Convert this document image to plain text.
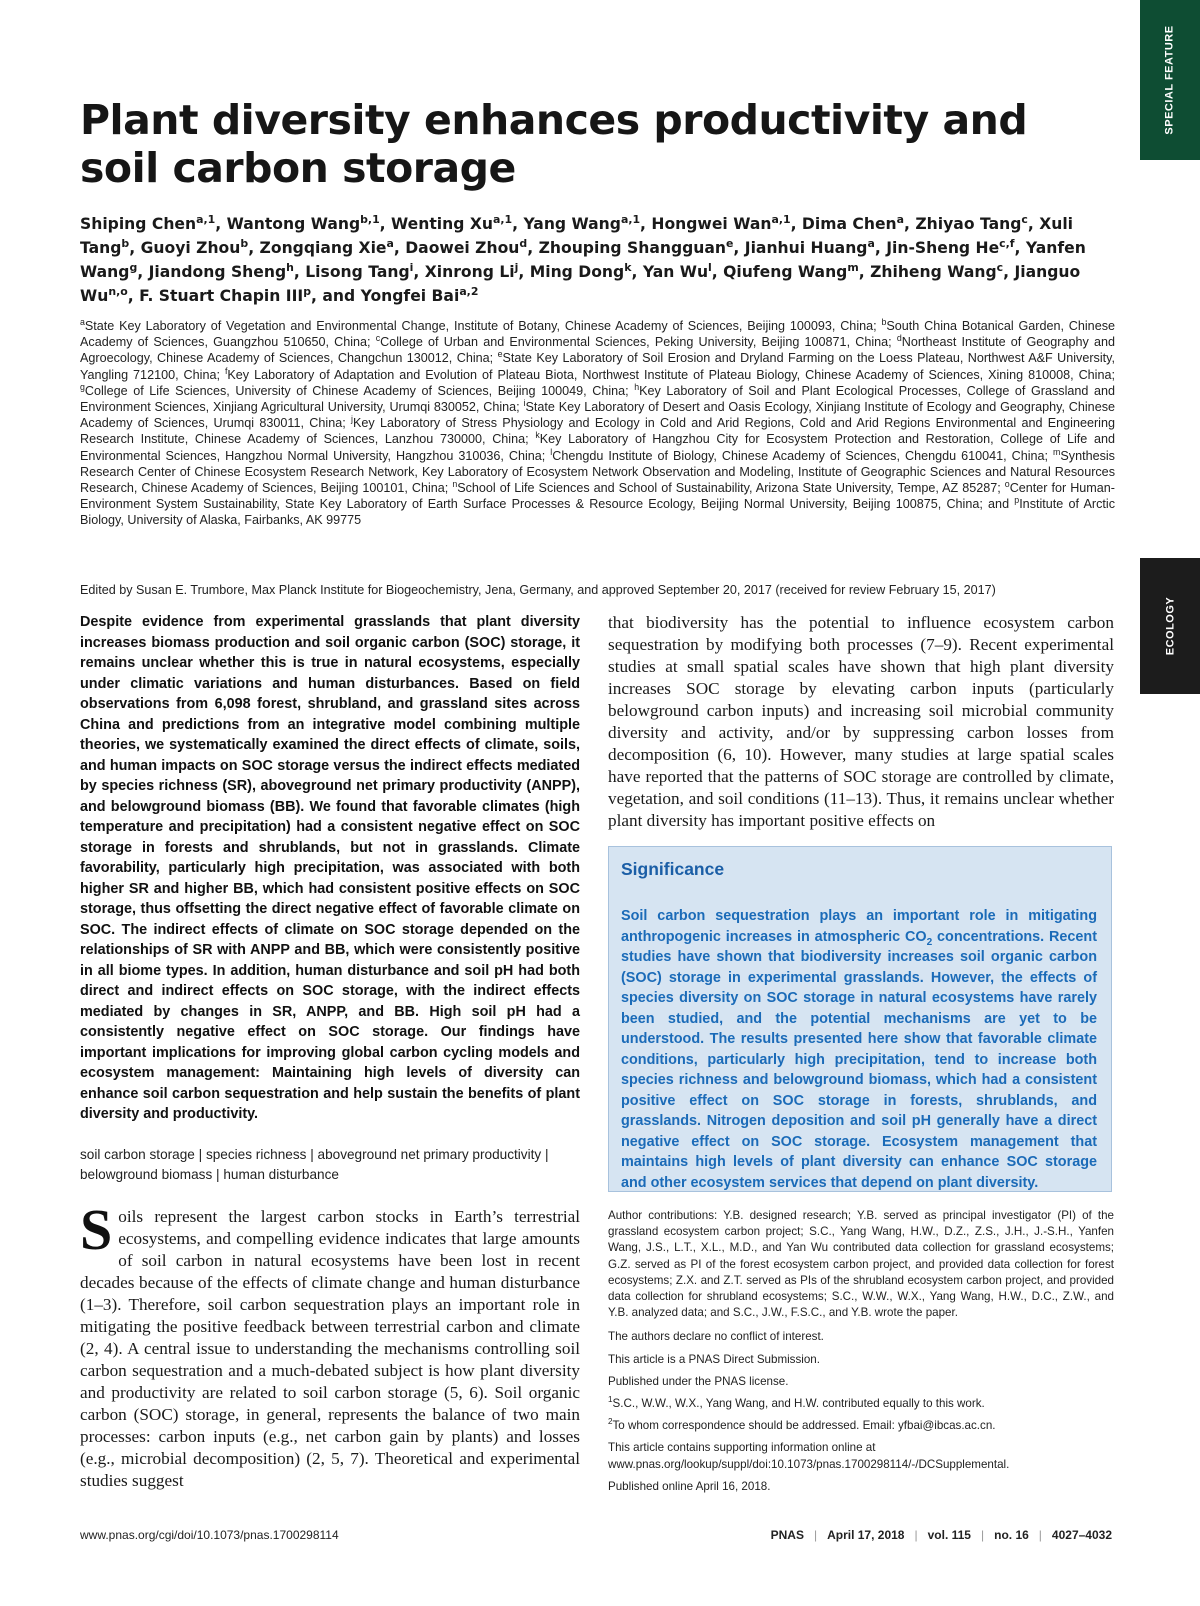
SPECIAL FEATURE
ECOLOGY
Plant diversity enhances productivity and soil carbon storage
Shiping Chen$^{a,1}$, Wantong Wang$^{b,1}$, Wenting Xu$^{a,1}$, Yang Wang$^{a,1}$, Hongwei Wan$^{a,1}$, Dima Chen$^a$, Zhiyao Tang$^c$, Xuli Tang$^b$, Guoyi Zhou$^b$, Zongqiang Xie$^a$, Daowei Zhou$^d$, Zhouping Shangguan$^e$, Jianhui Huang$^a$, Jin-Sheng He$^{c,f}$, Yanfen Wang$^g$, Jiandong Sheng$^h$, Lisong Tang$^i$, Xinrong Li$^j$, Ming Dong$^k$, Yan Wu$^l$, Qiufeng Wang$^m$, Zhiheng Wang$^c$, Jianguo Wu$^{n,o}$, F. Stuart Chapin III$^p$, and Yongfei Bai$^{a,2}$
$^a$State Key Laboratory of Vegetation and Environmental Change, Institute of Botany, Chinese Academy of Sciences, Beijing 100093, China; $^b$South China Botanical Garden, Chinese Academy of Sciences, Guangzhou 510650, China; $^c$College of Urban and Environmental Sciences, Peking University, Beijing 100871, China; $^d$Northeast Institute of Geography and Agroecology, Chinese Academy of Sciences, Changchun 130012, China; $^e$State Key Laboratory of Soil Erosion and Dryland Farming on the Loess Plateau, Northwest A&F University, Yangling 712100, China; $^f$Key Laboratory of Adaptation and Evolution of Plateau Biota, Northwest Institute of Plateau Biology, Chinese Academy of Sciences, Xining 810008, China; $^g$College of Life Sciences, University of Chinese Academy of Sciences, Beijing 100049, China; $^h$Key Laboratory of Soil and Plant Ecological Processes, College of Grassland and Environment Sciences, Xinjiang Agricultural University, Urumqi 830052, China; $^i$State Key Laboratory of Desert and Oasis Ecology, Xinjiang Institute of Ecology and Geography, Chinese Academy of Sciences, Urumqi 830011, China; $^j$Key Laboratory of Stress Physiology and Ecology in Cold and Arid Regions, Cold and Arid Regions Environmental and Engineering Research Institute, Chinese Academy of Sciences, Lanzhou 730000, China; $^k$Key Laboratory of Hangzhou City for Ecosystem Protection and Restoration, College of Life and Environmental Sciences, Hangzhou Normal University, Hangzhou 310036, China; $^l$Chengdu Institute of Biology, Chinese Academy of Sciences, Chengdu 610041, China; $^m$Synthesis Research Center of Chinese Ecosystem Research Network, Key Laboratory of Ecosystem Network Observation and Modeling, Institute of Geographic Sciences and Natural Resources Research, Chinese Academy of Sciences, Beijing 100101, China; $^n$School of Life Sciences and School of Sustainability, Arizona State University, Tempe, AZ 85287; $^o$Center for Human-Environment System Sustainability, State Key Laboratory of Earth Surface Processes & Resource Ecology, Beijing Normal University, Beijing 100875, China; and $^p$Institute of Arctic Biology, University of Alaska, Fairbanks, AK 99775
Edited by Susan E. Trumbore, Max Planck Institute for Biogeochemistry, Jena, Germany, and approved September 20, 2017 (received for review February 15, 2017)
Despite evidence from experimental grasslands that plant diversity increases biomass production and soil organic carbon (SOC) storage, it remains unclear whether this is true in natural ecosystems, especially under climatic variations and human disturbances. Based on field observations from 6,098 forest, shrubland, and grassland sites across China and predictions from an integrative model combining multiple theories, we systematically examined the direct effects of climate, soils, and human impacts on SOC storage versus the indirect effects mediated by species richness (SR), aboveground net primary productivity (ANPP), and belowground biomass (BB). We found that favorable climates (high temperature and precipitation) had a consistent negative effect on SOC storage in forests and shrublands, but not in grasslands. Climate favorability, particularly high precipitation, was associated with both higher SR and higher BB, which had consistent positive effects on SOC storage, thus offsetting the direct negative effect of favorable climate on SOC. The indirect effects of climate on SOC storage depended on the relationships of SR with ANPP and BB, which were consistently positive in all biome types. In addition, human disturbance and soil pH had both direct and indirect effects on SOC storage, with the indirect effects mediated by changes in SR, ANPP, and BB. High soil pH had a consistently negative effect on SOC storage. Our findings have important implications for improving global carbon cycling models and ecosystem management: Maintaining high levels of diversity can enhance soil carbon sequestration and help sustain the benefits of plant diversity and productivity.
soil carbon storage | species richness | aboveground net primary productivity | belowground biomass | human disturbance
Soils represent the largest carbon stocks in Earth’s terrestrial ecosystems, and compelling evidence indicates that large amounts of soil carbon in natural ecosystems have been lost in recent decades because of the effects of climate change and human disturbance (1–3). Therefore, soil carbon sequestration plays an important role in mitigating the positive feedback between terrestrial carbon and climate (2, 4). A central issue to understanding the mechanisms controlling soil carbon sequestration and a much-debated subject is how plant diversity and productivity are related to soil carbon storage (5, 6). Soil organic carbon (SOC) storage, in general, represents the balance of two main processes: carbon inputs (e.g., net carbon gain by plants) and losses (e.g., microbial decomposition) (2, 5, 7). Theoretical and experimental studies suggest
that biodiversity has the potential to influence ecosystem carbon sequestration by modifying both processes (7–9). Recent experimental studies at small spatial scales have shown that high plant diversity increases SOC storage by elevating carbon inputs (particularly belowground carbon inputs) and increasing soil microbial community diversity and activity, and/or by suppressing carbon losses from decomposition (6, 10). However, many studies at large spatial scales have reported that the patterns of SOC storage are controlled by climate, vegetation, and soil conditions (11–13). Thus, it remains unclear whether plant diversity has important positive effects on
Significance

Soil carbon sequestration plays an important role in mitigating anthropogenic increases in atmospheric $CO_2$ concentrations. Recent studies have shown that biodiversity increases soil organic carbon (SOC) storage in experimental grasslands. However, the effects of species diversity on SOC storage in natural ecosystems have rarely been studied, and the potential mechanisms are yet to be understood. The results presented here show that favorable climate conditions, particularly high precipitation, tend to increase both species richness and belowground biomass, which had a consistent positive effect on SOC storage in forests, shrublands, and grasslands. Nitrogen deposition and soil pH generally have a direct negative effect on SOC storage. Ecosystem management that maintains high levels of plant diversity can enhance SOC storage and other ecosystem services that depend on plant diversity.

Author contributions: Y.B. designed research; Y.B. served as principal investigator (PI) of the grassland ecosystem carbon project; S.C., Yang Wang, H.W., D.Z., Z.S., J.H., J.-S.H., Yanfen Wang, J.S., L.T., X.L., M.D., and Yan Wu contributed data collection for grassland ecosystems; G.Z. served as PI of the forest ecosystem carbon project, and provided data collection for forest ecosystems; Z.X. and Z.T. served as PIs of the shrubland ecosystem carbon project, and provided data collection for shrubland ecosystems; S.C., W.W., W.X., Yang Wang, H.W., D.C., Z.W., and Y.B. analyzed data; and S.C., J.W., F.S.C., and Y.B. wrote the paper.

The authors declare no conflict of interest.

This article is a PNAS Direct Submission.

Published under the PNAS license.

$^1$S.C., W.W., W.X., Yang Wang, and H.W. contributed equally to this work.

$^2$To whom correspondence should be addressed. Email: yfbai@ibcas.ac.cn.

This article contains supporting information online at www.pnas.org/lookup/suppl/doi:10.1073/pnas.1700298114/-/DCSupplemental.

Published online April 16, 2018.

www.pnas.org/cgi/doi/10.1073/pnas.1700298114	PNAS | April 17, 2018 | vol. 115 | no. 16 | 4027–4032
